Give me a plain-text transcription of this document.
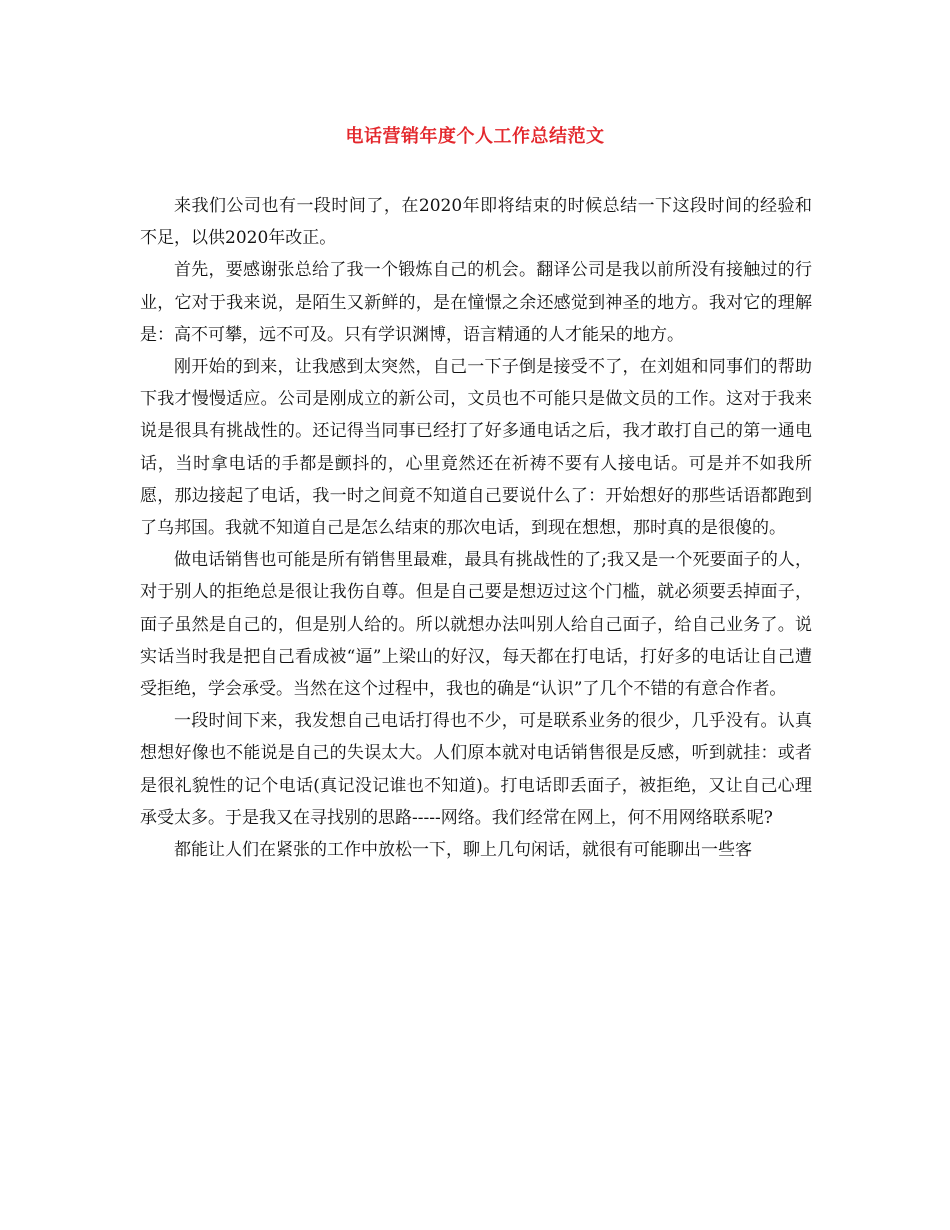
电话营销年度个人工作总结范文

来我们公司也有一段时间了，在2020年即将结束的时候总结一下这段时间的经验和不足，以供2020年改正。

首先，要感谢张总给了我一个锻炼自己的机会。翻译公司是我以前所没有接触过的行业，它对于我来说，是陌生又新鲜的，是在憧憬之余还感觉到神圣的地方。我对它的理解是：高不可攀，远不可及。只有学识渊博，语言精通的人才能呆的地方。

刚开始的到来，让我感到太突然，自己一下子倒是接受不了，在刘姐和同事们的帮助下我才慢慢适应。公司是刚成立的新公司，文员也不可能只是做文员的工作。这对于我来说是很具有挑战性的。还记得当同事已经打了好多通电话之后，我才敢打自己的第一通电话，当时拿电话的手都是颤抖的，心里竟然还在祈祷不要有人接电话。可是并不如我所愿，那边接起了电话，我一时之间竟不知道自己要说什么了：开始想好的那些话语都跑到了乌邦国。我就不知道自己是怎么结束的那次电话，到现在想想，那时真的是很傻的。

做电话销售也可能是所有销售里最难，最具有挑战性的了;我又是一个死要面子的人，对于别人的拒绝总是很让我伤自尊。但是自己要是想迈过这个门槛，就必须要丢掉面子，面子虽然是自己的，但是别人给的。所以就想办法叫别人给自己面子，给自己业务了。说实话当时我是把自己看成被“逼”上梁山的好汉，每天都在打电话，打好多的电话让自己遭受拒绝，学会承受。当然在这个过程中，我也的确是“认识”了几个不错的有意合作者。

一段时间下来，我发想自己电话打得也不少，可是联系业务的很少，几乎没有。认真想想好像也不能说是自己的失误太大。人们原本就对电话销售很是反感，听到就挂：或者是很礼貌性的记个电话(真记没记谁也不知道)。打电话即丢面子，被拒绝，又让自己心理承受太多。于是我又在寻找别的思路-----网络。我们经常在网上，何不用网络联系呢?

都能让人们在紧张的工作中放松一下，聊上几句闲话，就很有可能聊出一些客
